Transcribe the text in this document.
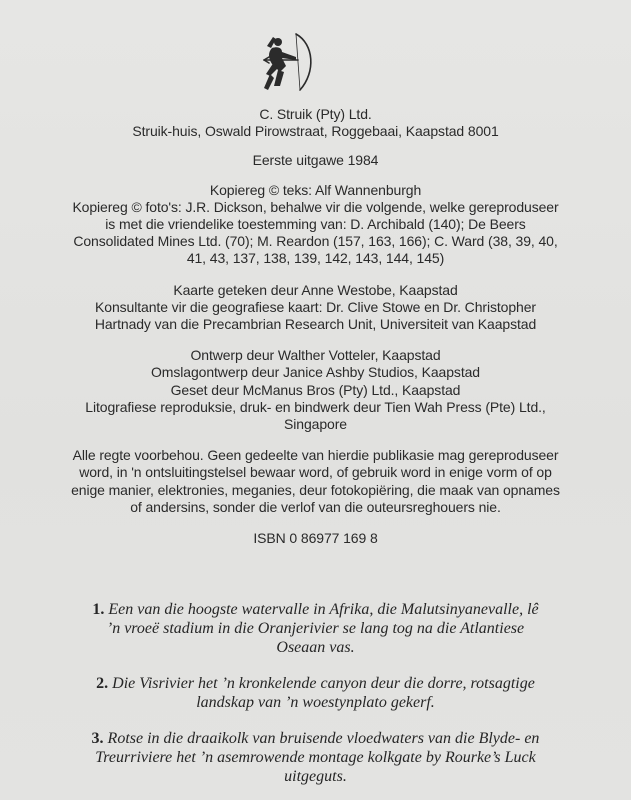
C. Struik (Pty) Ltd.

Struik-huis, Oswald Pirowstraat, Roggebaai, Kaapstad 8001

Eerste uitgawe 1984

Kopiereg © teks: Alf Wannenburgh

Kopiereg © foto's: J.R. Dickson, behalwe vir die volgende, welke gereproduseer

is met die vriendelike toestemming van: D. Archibald (140); De Beers

Consolidated Mines Ltd. (70); M. Reardon (157, 163, 166); C. Ward (38, 39, 40,

41, 43, 137, 138, 139, 142, 143, 144, 145)

Kaarte geteken deur Anne Westobe, Kaapstad

Konsultante vir die geografiese kaart: Dr. Clive Stowe en Dr. Christopher

Hartnady van die Precambrian Research Unit, Universiteit van Kaapstad

Ontwerp deur Walther Votteler, Kaapstad

Omslagontwerp deur Janice Ashby Studios, Kaapstad

Geset deur McManus Bros (Pty) Ltd., Kaapstad

Litografiese reproduksie, druk- en bindwerk deur Tien Wah Press (Pte) Ltd.,

Singapore

Alle regte voorbehou. Geen gedeelte van hierdie publikasie mag gereproduseer

word, in 'n ontsluitingstelsel bewaar word, of gebruik word in enige vorm of op

enige manier, elektronies, meganies, deur fotokopiëring, die maak van opnames

of andersins, sonder die verlof van die outeursreghouers nie.

ISBN 0 86977 169 8

1. Een van die hoogste watervalle in Afrika, die Malutsinyanevalle, lê

’n vroeë stadium in die Oranjerivier se lang tog na die Atlantiese

Oseaan vas.

2. Die Visrivier het ’n kronkelende canyon deur die dorre, rotsagtige

landskap van ’n woestynplato gekerf.

3. Rotse in die draaikolk van bruisende vloedwaters van die Blyde- en

Treurriviere het ’n asemrowende montage kolkgate by Rourke’s Luck

uitgeguts.
